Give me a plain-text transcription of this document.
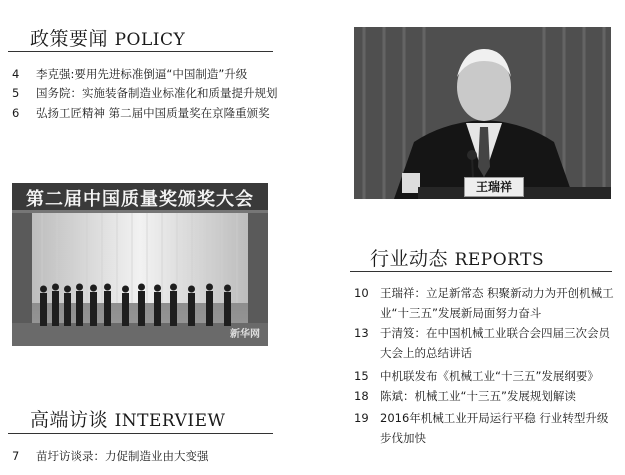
政策要闻 POLICY
4 李克强:要用先进标准倒逼“中国制造”升级
5 国务院：实施装备制造业标准化和质量提升规划
6 弘扬工匠精神 第二届中国质量奖在京隆重颁奖
第二届中国质量奖颁奖大会
新华网
高端访谈 INTERVIEW
7 苗圩访谈录：力促制造业由大变强
王瑞祥
行业动态 REPORTS
10 王瑞祥：立足新常态 积聚新动力为开创机械工业“十三五”发展新局面努力奋斗
13 于清笈：在中国机械工业联合会四届三次会员大会上的总结讲话
15 中机联发布《机械工业“十三五”发展纲要》
18 陈斌：机械工业“十三五”发展规划解读
19 2016年机械工业开局运行平稳 行业转型升级步伐加快
